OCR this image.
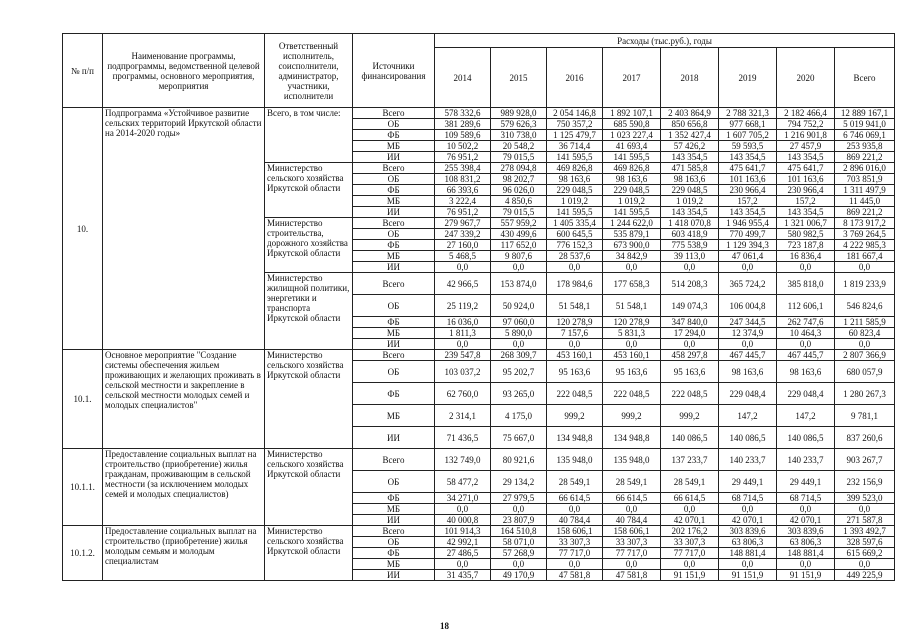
№ п/п	Наименование программы, подпрограммы, ведомственной целевой программы, основного мероприятия, мероприятия	Ответственный исполнитель, соисполнители, администратор, участники, исполнители	Источники финансирования	Расходы (тыс.руб.), годы							
				2014	2015	2016	2017	2018	2019	2020	Всего
10.	Подпрограмма «Устойчивое развитие сельских территорий Иркутской области на 2014-2020 годы»	Всего, в том числе:	Всего	578 332,6	989 928,0	2 054 146,8	1 892 107,1	2 403 864,9	2 788 321,3	2 182 466,4	12 889 167,1
			ОБ	381 289,6	579 626,3	750 357,2	685 590,8	850 656,8	977 668,1	794 752,2	5 019 941,0
			ФБ	109 589,6	310 738,0	1 125 479,7	1 023 227,4	1 352 427,4	1 607 705,2	1 216 901,8	6 746 069,1
			МБ	10 502,2	20 548,2	36 714,4	41 693,4	57 426,2	59 593,5	27 457,9	253 935,8
			ИИ	76 951,2	79 015,5	141 595,5	141 595,5	143 354,5	143 354,5	143 354,5	869 221,2
		Министерство сельского хозяйства Иркутской области	Всего	255 398,4	278 094,8	469 826,8	469 826,8	471 585,8	475 641,7	475 641,7	2 896 016,0
			ОБ	108 831,2	98 202,7	98 163,6	98 163,6	98 163,6	101 163,6	101 163,6	703 851,9
			ФБ	66 393,6	96 026,0	229 048,5	229 048,5	229 048,5	230 966,4	230 966,4	1 311 497,9
			МБ	3 222,4	4 850,6	1 019,2	1 019,2	1 019,2	157,2	157,2	11 445,0
			ИИ	76 951,2	79 015,5	141 595,5	141 595,5	143 354,5	143 354,5	143 354,5	869 221,2
		Министерство строительства, дорожного хозяйства Иркутской области	Всего	279 967,7	557 959,2	1 405 335,4	1 244 622,0	1 418 070,8	1 946 955,4	1 321 006,7	8 173 917,2
			ОБ	247 339,2	430 499,6	600 645,5	535 879,1	603 418,9	770 499,7	580 982,5	3 769 264,5
			ФБ	27 160,0	117 652,0	776 152,3	673 900,0	775 538,9	1 129 394,3	723 187,8	4 222 985,3
			МБ	5 468,5	9 807,6	28 537,6	34 842,9	39 113,0	47 061,4	16 836,4	181 667,4
			ИИ	0,0	0,0	0,0	0,0	0,0	0,0	0,0	0,0
		Министерство жилищной политики, энергетики и транспорта Иркутской области	Всего	42 966,5	153 874,0	178 984,6	177 658,3	514 208,3	365 724,2	385 818,0	1 819 233,9
			ОБ	25 119,2	50 924,0	51 548,1	51 548,1	149 074,3	106 004,8	112 606,1	546 824,6
			ФБ	16 036,0	97 060,0	120 278,9	120 278,9	347 840,0	247 344,5	262 747,6	1 211 585,9
			МБ	1 811,3	5 890,0	7 157,6	5 831,3	17 294,0	12 374,9	10 464,3	60 823,4
			ИИ	0,0	0,0	0,0	0,0	0,0	0,0	0,0	0,0
10.1.	Основное мероприятие "Создание системы обеспечения жильем проживающих и желающих проживать в сельской местности и закрепление в сельской местности молодых семей и молодых специалистов"	Министерство сельского хозяйства Иркутской области	Всего	239 547,8	268 309,7	453 160,1	453 160,1	458 297,8	467 445,7	467 445,7	2 807 366,9
			ОБ	103 037,2	95 202,7	95 163,6	95 163,6	95 163,6	98 163,6	98 163,6	680 057,9
			ФБ	62 760,0	93 265,0	222 048,5	222 048,5	222 048,5	229 048,4	229 048,4	1 280 267,3
			МБ	2 314,1	4 175,0	999,2	999,2	999,2	147,2	147,2	9 781,1
			ИИ	71 436,5	75 667,0	134 948,8	134 948,8	140 086,5	140 086,5	140 086,5	837 260,6
10.1.1.	Предоставление социальных выплат на строительство (приобретение) жилья гражданам, проживающим в сельской местности (за исключением молодых семей и молодых специалистов)	Министерство сельского хозяйства Иркутской области	Всего	132 749,0	80 921,6	135 948,0	135 948,0	137 233,7	140 233,7	140 233,7	903 267,7
			ОБ	58 477,2	29 134,2	28 549,1	28 549,1	28 549,1	29 449,1	29 449,1	232 156,9
			ФБ	34 271,0	27 979,5	66 614,5	66 614,5	66 614,5	68 714,5	68 714,5	399 523,0
			МБ	0,0	0,0	0,0	0,0	0,0	0,0	0,0	0,0
			ИИ	40 000,8	23 807,9	40 784,4	40 784,4	42 070,1	42 070,1	42 070,1	271 587,8
10.1.2.	Предоставление социальных выплат на строительство (приобретение) жилья молодым семьям и молодым специалистам	Министерство сельского хозяйства Иркутской области	Всего	101 914,3	164 510,8	158 606,1	158 606,1	202 176,2	303 839,6	303 839,6	1 393 492,7
			ОБ	42 992,1	58 071,0	33 307,3	33 307,3	33 307,3	63 806,3	63 806,3	328 597,6
			ФБ	27 486,5	57 268,9	77 717,0	77 717,0	77 717,0	148 881,4	148 881,4	615 669,2
			МБ	0,0	0,0	0,0	0,0	0,0	0,0	0,0	0,0
			ИИ	31 435,7	49 170,9	47 581,8	47 581,8	91 151,9	91 151,9	91 151,9	449 225,9
18
